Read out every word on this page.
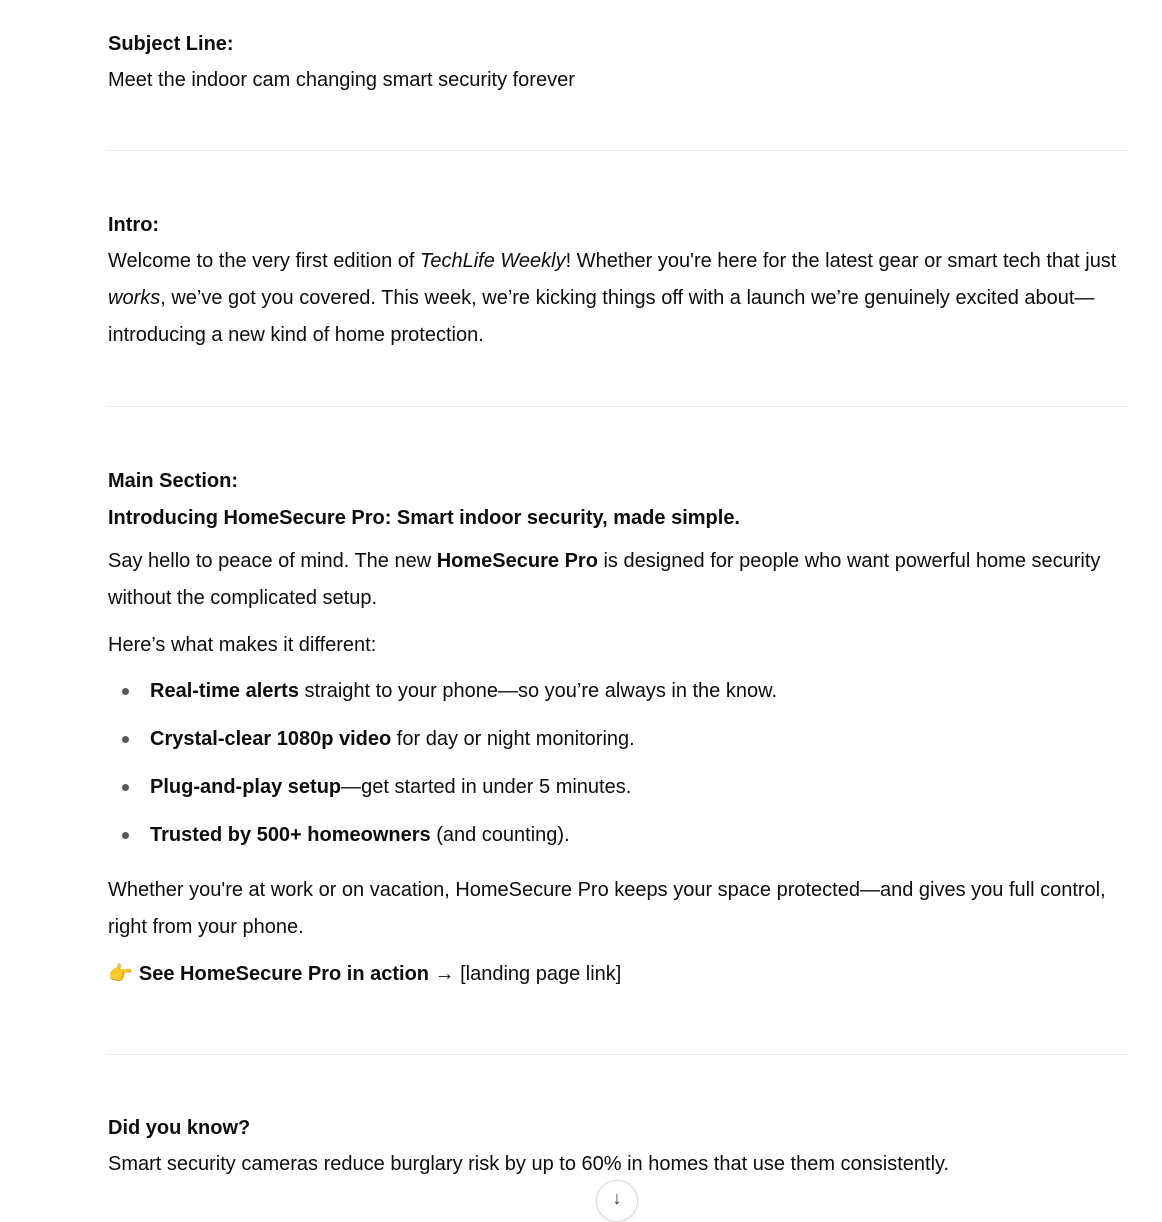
Subject Line:

Meet the indoor cam changing smart security forever

Intro:

Welcome to the very first edition of TechLife Weekly! Whether you're here for the latest gear or smart tech that just works, we’ve got you covered. This week, we’re kicking things off with a launch we’re genuinely excited about—introducing a new kind of home protection.

Main Section:

Introducing HomeSecure Pro: Smart indoor security, made simple.

Say hello to peace of mind. The new HomeSecure Pro is designed for people who want powerful home security without the complicated setup.

Here’s what makes it different:

Real-time alerts straight to your phone—so you’re always in the know.
Crystal-clear 1080p video for day or night monitoring.
Plug-and-play setup—get started in under 5 minutes.
Trusted by 500+ homeowners (and counting).

Whether you're at work or on vacation, HomeSecure Pro keeps your space protected—and gives you full control, right from your phone.

👉 See HomeSecure Pro in action → [landing page link]

Did you know?

Smart security cameras reduce burglary risk by up to 60% in homes that use them consistently.

↓
